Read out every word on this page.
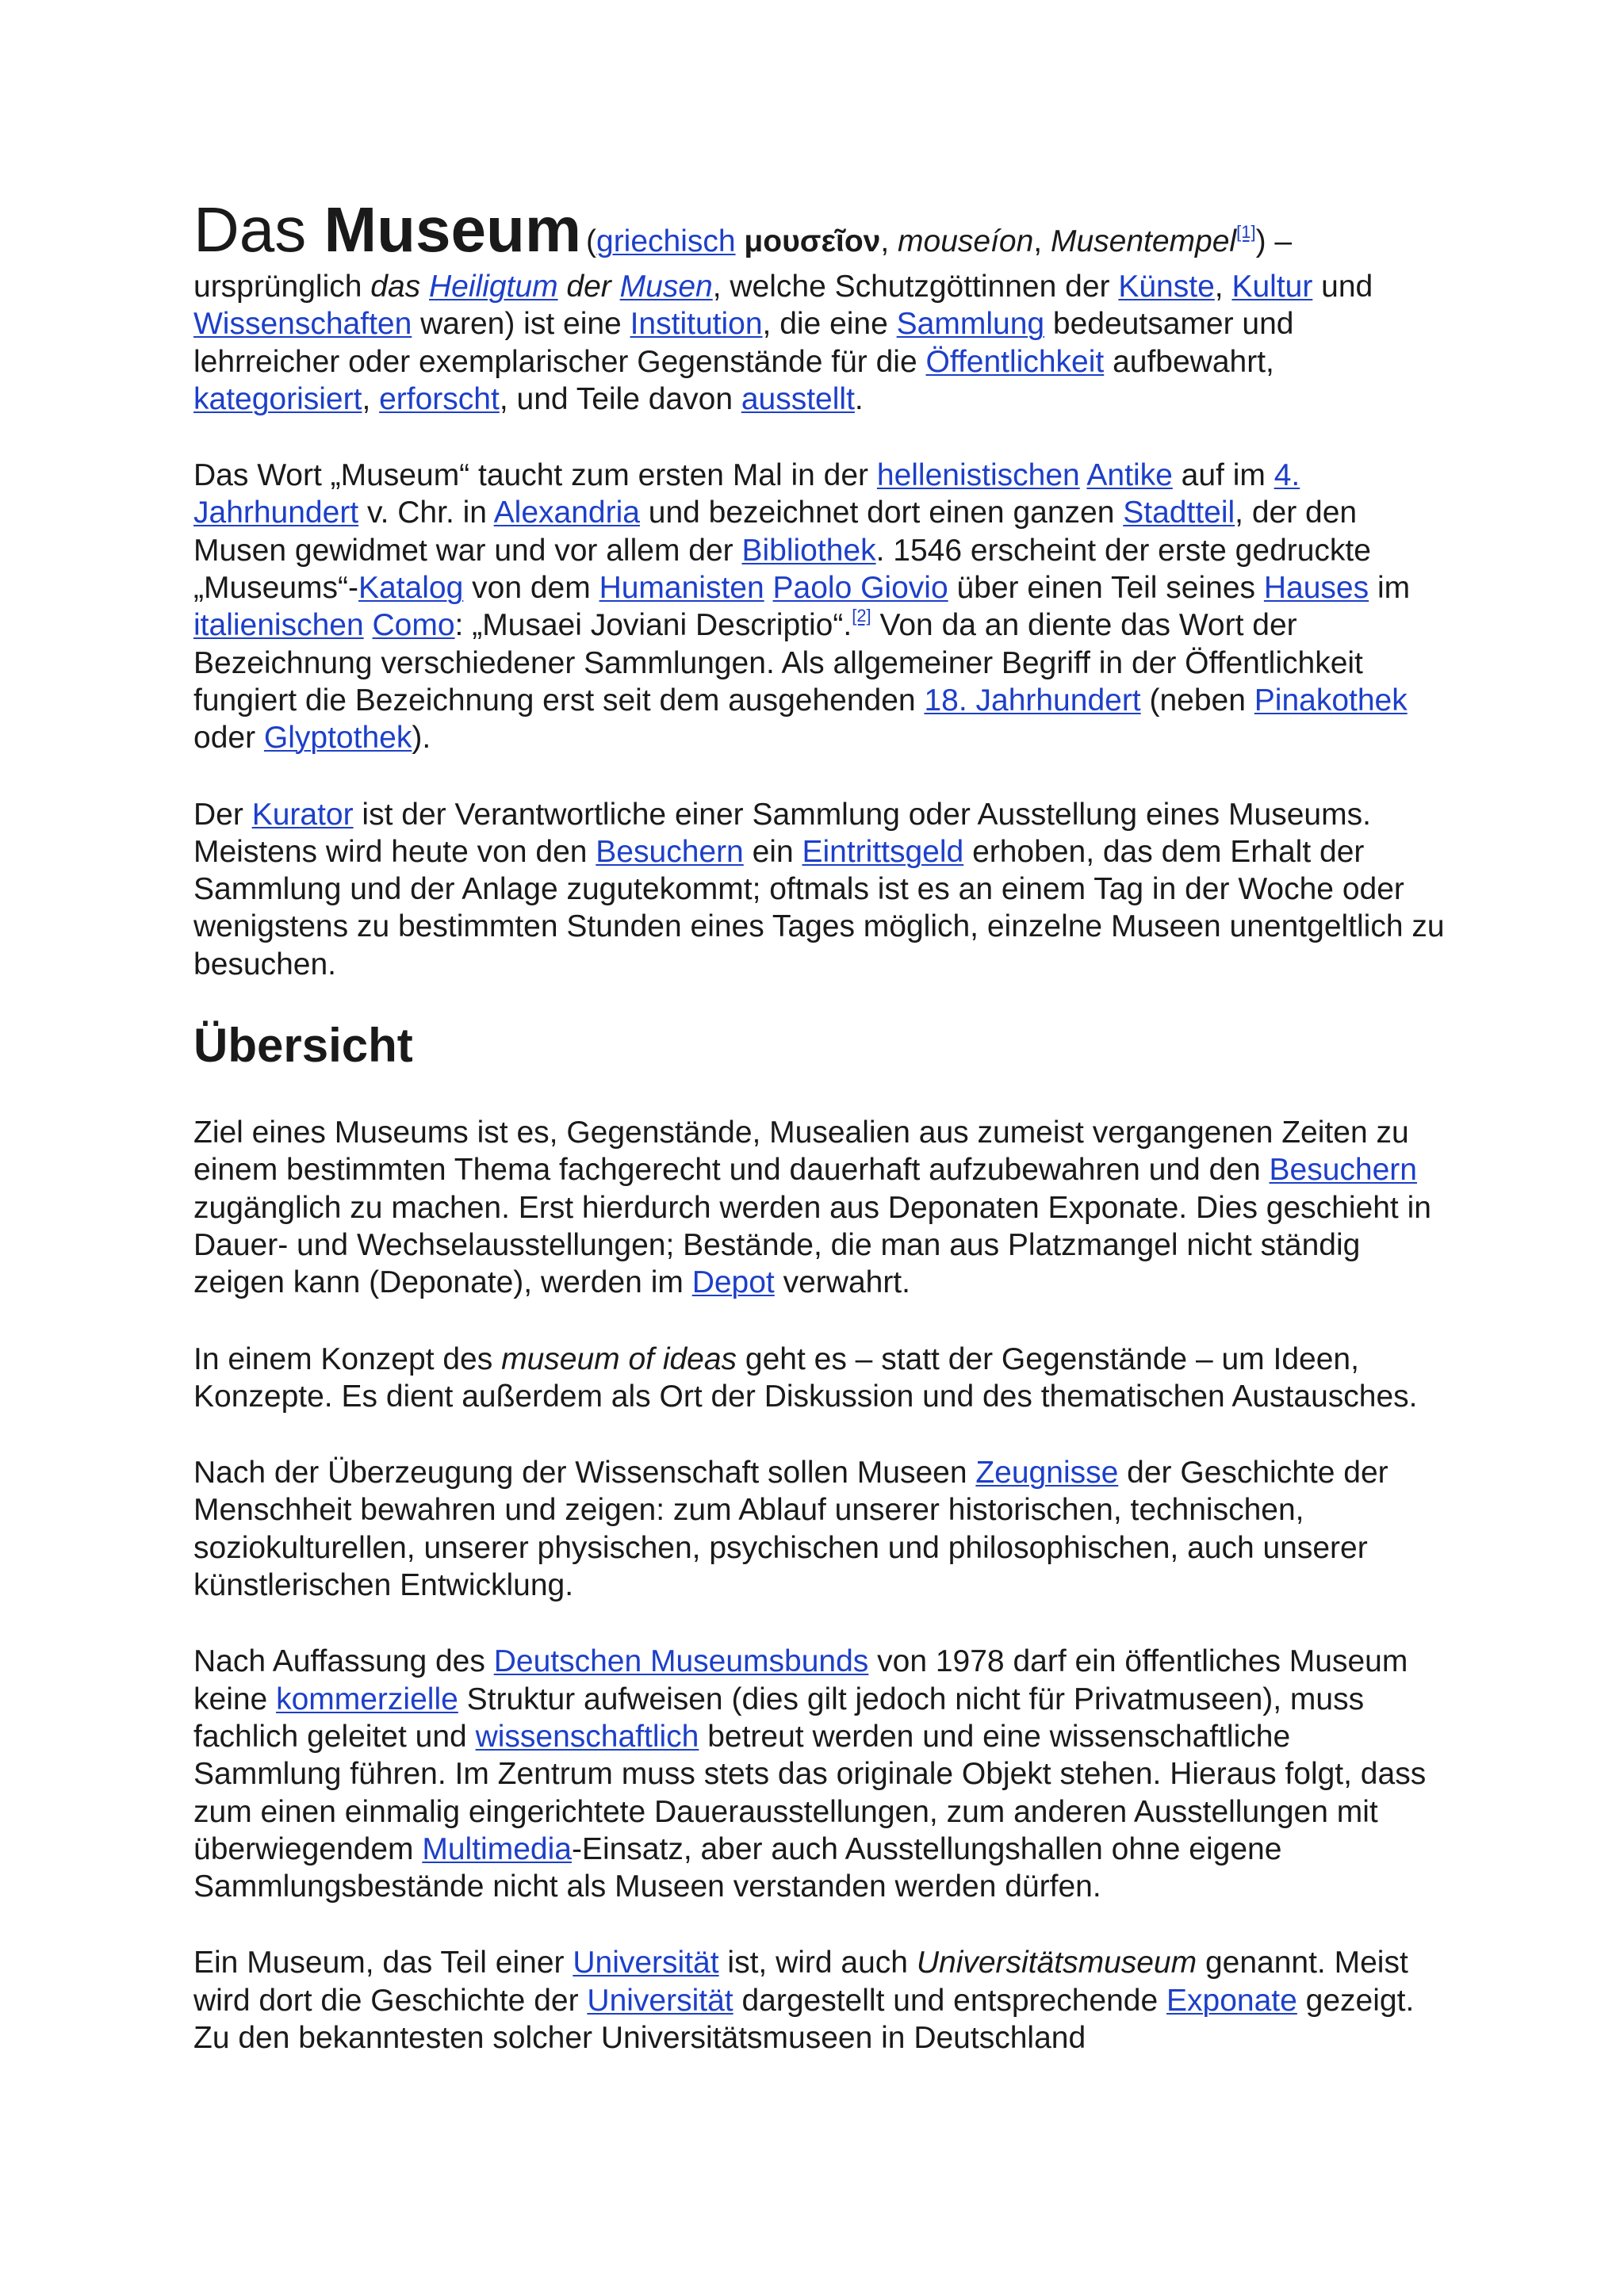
Das Museum (griechisch μουσεῖον, mouseíon, Musentempel[1]) – ursprünglich das Heiligtum der Musen, welche Schutzgöttinnen der Künste, Kultur und Wissenschaften waren) ist eine Institution, die eine Sammlung bedeutsamer und lehrreicher oder exemplarischer Gegenstände für die Öffentlichkeit aufbewahrt, kategorisiert, erforscht, und Teile davon ausstellt.

Das Wort „Museum“ taucht zum ersten Mal in der hellenistischen Antike auf im 4. Jahrhundert v. Chr. in Alexandria und bezeichnet dort einen ganzen Stadtteil, der den Musen gewidmet war und vor allem der Bibliothek. 1546 erscheint der erste gedruckte „Museums“-Katalog von dem Humanisten Paolo Giovio über einen Teil seines Hauses im italienischen Como: „Musaei Joviani Descriptio“.[2] Von da an diente das Wort der Bezeichnung verschiedener Sammlungen. Als allgemeiner Begriff in der Öffentlichkeit fungiert die Bezeichnung erst seit dem ausgehenden 18. Jahrhundert (neben Pinakothek oder Glyptothek).

Der Kurator ist der Verantwortliche einer Sammlung oder Ausstellung eines Museums. Meistens wird heute von den Besuchern ein Eintrittsgeld erhoben, das dem Erhalt der Sammlung und der Anlage zugutekommt; oftmals ist es an einem Tag in der Woche oder wenigstens zu bestimmten Stunden eines Tages möglich, einzelne Museen unentgeltlich zu besuchen.

Übersicht

Ziel eines Museums ist es, Gegenstände, Musealien aus zumeist vergangenen Zeiten zu einem bestimmten Thema fachgerecht und dauerhaft aufzubewahren und den Besuchern zugänglich zu machen. Erst hierdurch werden aus Deponaten Exponate. Dies geschieht in Dauer- und Wechselausstellungen; Bestände, die man aus Platzmangel nicht ständig zeigen kann (Deponate), werden im Depot verwahrt.

In einem Konzept des museum of ideas geht es – statt der Gegenstände – um Ideen, Konzepte. Es dient außerdem als Ort der Diskussion und des thematischen Austausches.

Nach der Überzeugung der Wissenschaft sollen Museen Zeugnisse der Geschichte der Menschheit bewahren und zeigen: zum Ablauf unserer historischen, technischen, soziokulturellen, unserer physischen, psychischen und philosophischen, auch unserer künstlerischen Entwicklung.

Nach Auffassung des Deutschen Museumsbunds von 1978 darf ein öffentliches Museum keine kommerzielle Struktur aufweisen (dies gilt jedoch nicht für Privatmuseen), muss fachlich geleitet und wissenschaftlich betreut werden und eine wissenschaftliche Sammlung führen. Im Zentrum muss stets das originale Objekt stehen. Hieraus folgt, dass zum einen einmalig eingerichtete Dauerausstellungen, zum anderen Ausstellungen mit überwiegendem Multimedia-Einsatz, aber auch Ausstellungshallen ohne eigene Sammlungsbestände nicht als Museen verstanden werden dürfen.

Ein Museum, das Teil einer Universität ist, wird auch Universitätsmuseum genannt. Meist wird dort die Geschichte der Universität dargestellt und entsprechende Exponate gezeigt. Zu den bekanntesten solcher Universitätsmuseen in Deutschland
